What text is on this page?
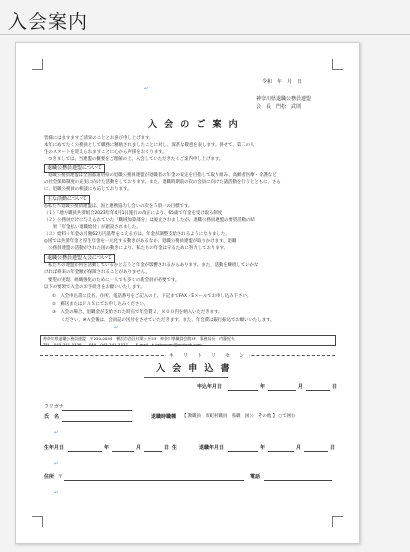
入会案内
令和　年　月　日
神奈川県退職公務員連盟
会　長　門松　武則
入 会 の ご 案 内
皆様にはますますご清栄のこととお喜び申し上げます。
本年にめでたく公務員として職務に精励されましたことに対し、深甚な敬意を表します。併せて、第二の人
生のスタートを迎えられますことに心から声援をおくります。
つきましては、当連盟の概要をご理解の上、入会していただきたくご案内申し上げます。
退職公務員連盟について
退職公務員連盟は全国都道府県の退職公務員連盟が退職者の年金の安定を目指して取り組み、高齢者医療・介護など
の社会保障制度の充実に向けた活動をしております。また、退職時期前の次の会員に向けた諸活動を行うとともに、さら
に、退職公務員の相談にも応じております。
主な活動について
◎私たち退職公務員連盟は、国と連携協力し会いの次を５項一の目標です。
（１）「地方職員共済組合2023年年4月1日施行の改正により、65歳で年金を受け取る制度
（２）公務員だけに与えられていた「職域加算部分」は廃止されましたが、退職公務員連盟の要望活動の結
　　果「年金払い退職給付」が創設されました。
（３）給料＋年金の月額62万円基準をこえる方は、年金が調整支給されるようになりました。
◎国では共済年金と厚生年金を一元化する動きがあるなか、退職公務員連盟が取りかけます、退職
　公務員連盟の活動がされた国の動きにより、私たちの年金は守るために努力しております。
退職公務員連盟入会について
私たちの連盟が何を活動しているかと言うと年金が影響されるからあります。また、活動を継続していかな
ければ将来の年金額が保障されることがありません。
要望の実現、組織強化のために一人でも多くの新会員が必要です。
以下の要領で入会のお手続きをお願いいたします。
①　入会申込書に氏名、住所、電話番号をご記入の上、下記までFAX・Eメールでお申し込み下さい。
②　郵送またはＦＡＸにてお申し込みください。
③　入会の場合、退職金が支給された時点で年会費２，８００円を納入いただきます。
　　ください。※入会後は、会員誌の送付をさせていただきます。また、年会費は銀行振込でお願いいたします。
神奈川県退職公務員連盟　〒220-0044　横浜市西区紅葉ヶ丘53　神奈川県職員会館3F　事務局長　内藤紀夫
TEL　045-341-3336　　FAX　045-341-3337　　E-mail　k-taikouren@outlook.com
キ　リ　ト　リ　セ　ン
入 会 申 込 書
申込年月日	年	月	日
フリガナ
氏　名	退職時職種 【 教職員　市町村職員　県職　国公　その他 】 ○で囲む
生年月日	年	月	日 生	退職年月日	年	月	日
住所 〒	電話
↵
↵
↵
↵
↵
